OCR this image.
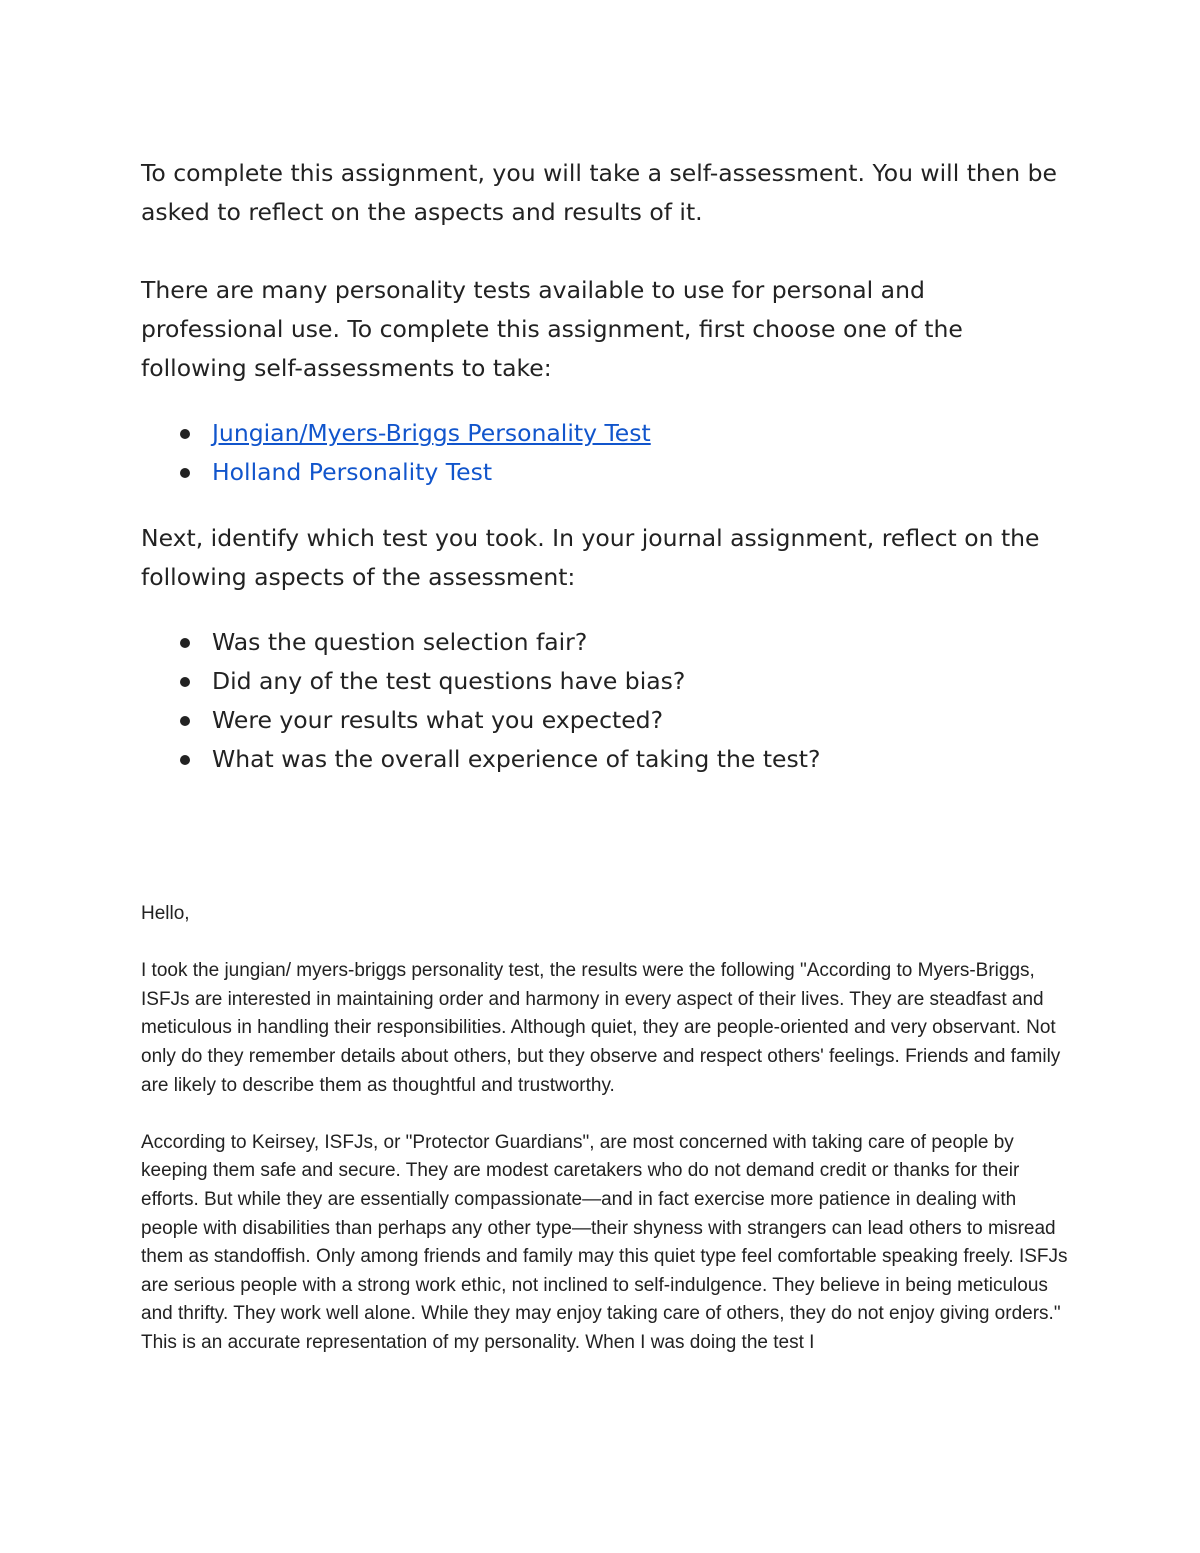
To complete this assignment, you will take a self-assessment. You will then be asked to reflect on the aspects and results of it.

There are many personality tests available to use for personal and professional use. To complete this assignment, first choose one of the following self-assessments to take:

Jungian/Myers-Briggs Personality Test
Holland Personality Test

Next, identify which test you took. In your journal assignment, reflect on the following aspects of the assessment:

Was the question selection fair?
Did any of the test questions have bias?
Were your results what you expected?
What was the overall experience of taking the test?

Hello,

I took the jungian/ myers-briggs personality test, the results were the following "According to Myers-Briggs, ISFJs are interested in maintaining order and harmony in every aspect of their lives. They are steadfast and meticulous in handling their responsibilities. Although quiet, they are people-oriented and very observant. Not only do they remember details about others, but they observe and respect others' feelings. Friends and family are likely to describe them as thoughtful and trustworthy.

According to Keirsey, ISFJs, or "Protector Guardians", are most concerned with taking care of people by keeping them safe and secure. They are modest caretakers who do not demand credit or thanks for their efforts. But while they are essentially compassionate—and in fact exercise more patience in dealing with people with disabilities than perhaps any other type—their shyness with strangers can lead others to misread them as standoffish. Only among friends and family may this quiet type feel comfortable speaking freely. ISFJs are serious people with a strong work ethic, not inclined to self-indulgence. They believe in being meticulous and thrifty. They work well alone. While they may enjoy taking care of others, they do not enjoy giving orders." This is an accurate representation of my personality. When I was doing the test I
